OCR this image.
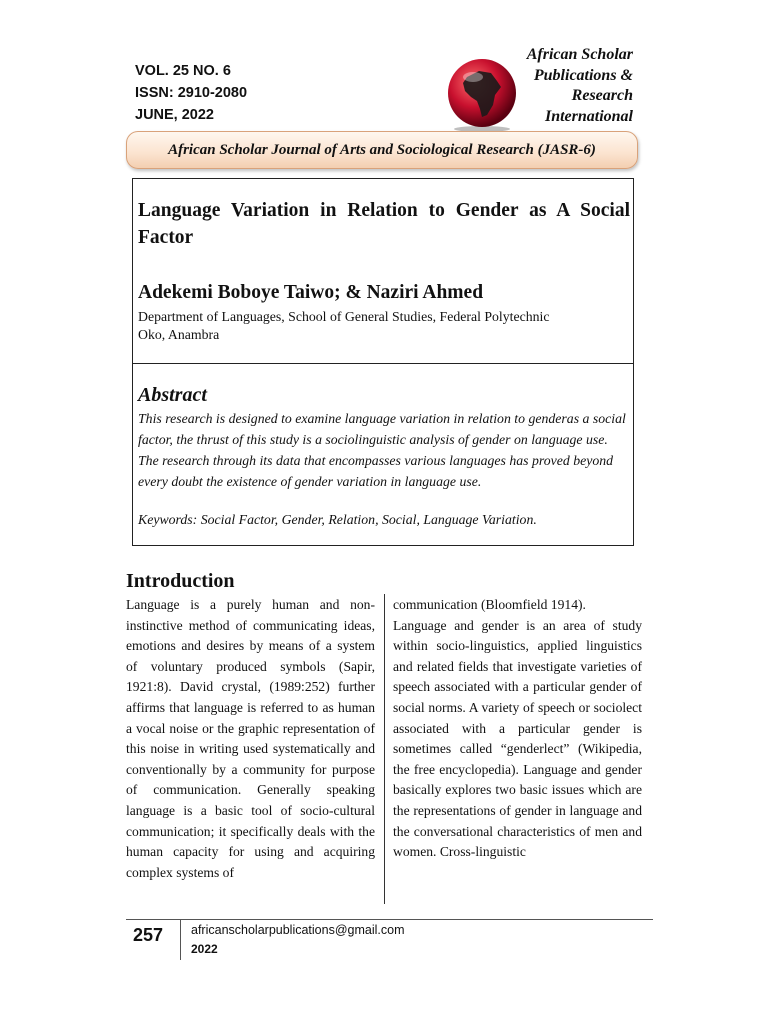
VOL. 25 NO. 6
ISSN: 2910-2080
JUNE, 2022
African Scholar
Publications &
Research
International
African Scholar Journal of Arts and Sociological Research (JASR-6)
Language Variation in Relation to Gender as A Social Factor
Adekemi Boboye Taiwo; & Naziri Ahmed
Department of Languages, School of General Studies, Federal Polytechnic
Oko, Anambra
Abstract
This research is designed to examine language variation in relation to genderas a social factor, the thrust of this study is a sociolinguistic analysis of gender on language use. The research through its data that encompasses various languages has proved beyond every doubt the existence of gender variation in language use.
Keywords: Social Factor, Gender, Relation, Social, Language Variation.
Introduction
Language is a purely human and non-instinctive method of communicating ideas, emotions and desires by means of a system of voluntary produced symbols (Sapir, 1921:8). David crystal, (1989:252) further affirms that language is referred to as human a vocal noise or the graphic representation of this noise in writing used systematically and conventionally by a community for purpose of communication. Generally speaking language is a basic tool of socio-cultural communication; it specifically deals with the human capacity for using and acquiring complex systems of
communication (Bloomfield 1914).
Language and gender is an area of study within socio-linguistics, applied linguistics and related fields that investigate varieties of speech associated with a particular gender of social norms. A variety of speech or sociolect associated with a particular gender is sometimes called “genderlect” (Wikipedia, the free encyclopedia). Language and gender basically explores two basic issues which are the representations of gender in language and the conversational characteristics of men and women. Cross-linguistic
257 africanscholarpublications@gmail.com
2022
